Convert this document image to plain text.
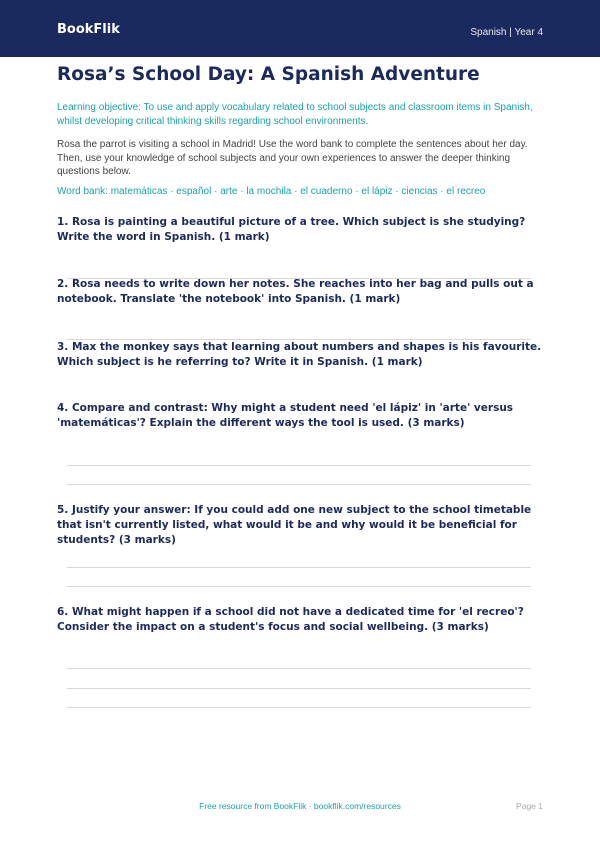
BookFlik	Spanish | Year 4
Rosa’s School Day: A Spanish Adventure
Learning objective: To use and apply vocabulary related to school subjects and classroom items in Spanish, whilst developing critical thinking skills regarding school environments.
Rosa the parrot is visiting a school in Madrid! Use the word bank to complete the sentences about her day. Then, use your knowledge of school subjects and your own experiences to answer the deeper thinking questions below.
Word bank: matemáticas · español · arte · la mochila · el cuaderno · el lápiz · ciencias · el recreo
1. Rosa is painting a beautiful picture of a tree. Which subject is she studying? Write the word in Spanish. (1 mark)
2. Rosa needs to write down her notes. She reaches into her bag and pulls out a notebook. Translate 'the notebook' into Spanish. (1 mark)
3. Max the monkey says that learning about numbers and shapes is his favourite. Which subject is he referring to? Write it in Spanish. (1 mark)
4. Compare and contrast: Why might a student need 'el lápiz' in 'arte' versus 'matemáticas'? Explain the different ways the tool is used. (3 marks)
5. Justify your answer: If you could add one new subject to the school timetable that isn't currently listed, what would it be and why would it be beneficial for students? (3 marks)
6. What might happen if a school did not have a dedicated time for 'el recreo'? Consider the impact on a student's focus and social wellbeing. (3 marks)
Free resource from BookFlik · bookflik.com/resources	Page 1
